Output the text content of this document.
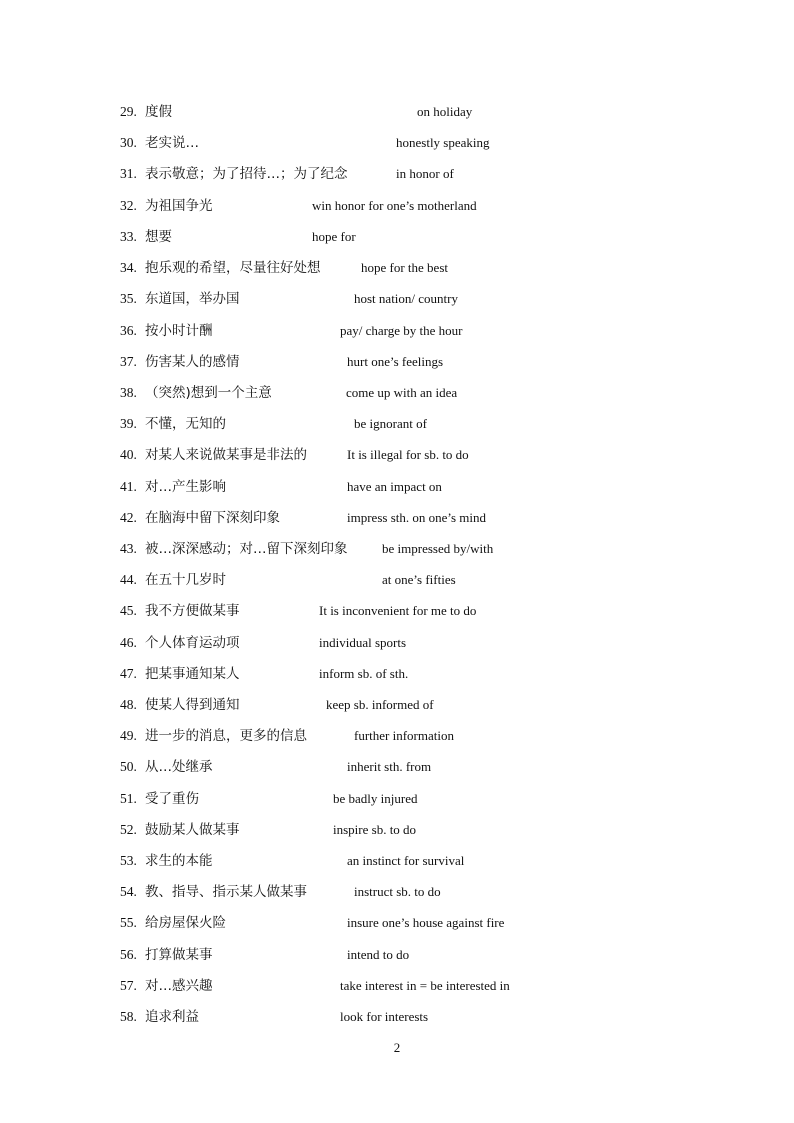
29. 度假	on holiday
30. 老实说…	honestly speaking
31. 表示敬意；为了招待…；为了纪念	in honor of
32. 为祖国争光	win honor for one’s motherland
33. 想要	hope for
34. 抱乐观的希望，尽量往好处想	hope for the best
35. 东道国，举办国	host nation/ country
36. 按小时计酬	pay/ charge by the hour
37. 伤害某人的感情	hurt one’s feelings
38. （突然)想到一个主意	come up with an idea
39. 不懂，无知的	be ignorant of
40. 对某人来说做某事是非法的	It is illegal for sb. to do
41. 对…产生影响	have an impact on
42. 在脑海中留下深刻印象	impress sth. on one’s mind
43. 被…深深感动；对…留下深刻印象	be impressed by/with
44. 在五十几岁时	at one’s fifties
45. 我不方便做某事	It is inconvenient for me to do
46. 个人体育运动项	individual sports
47. 把某事通知某人	inform sb. of sth.
48. 使某人得到通知	keep sb. informed of
49. 进一步的消息，更多的信息	further information
50. 从…处继承	inherit sth. from
51. 受了重伤	be badly injured
52. 鼓励某人做某事	inspire sb. to do
53. 求生的本能	an instinct for survival
54. 教、指导、指示某人做某事	instruct sb. to do
55. 给房屋保火险	insure one’s house against fire
56. 打算做某事	intend to do
57. 对…感兴趣	take interest in = be interested in
58. 追求利益	look for interests
2
